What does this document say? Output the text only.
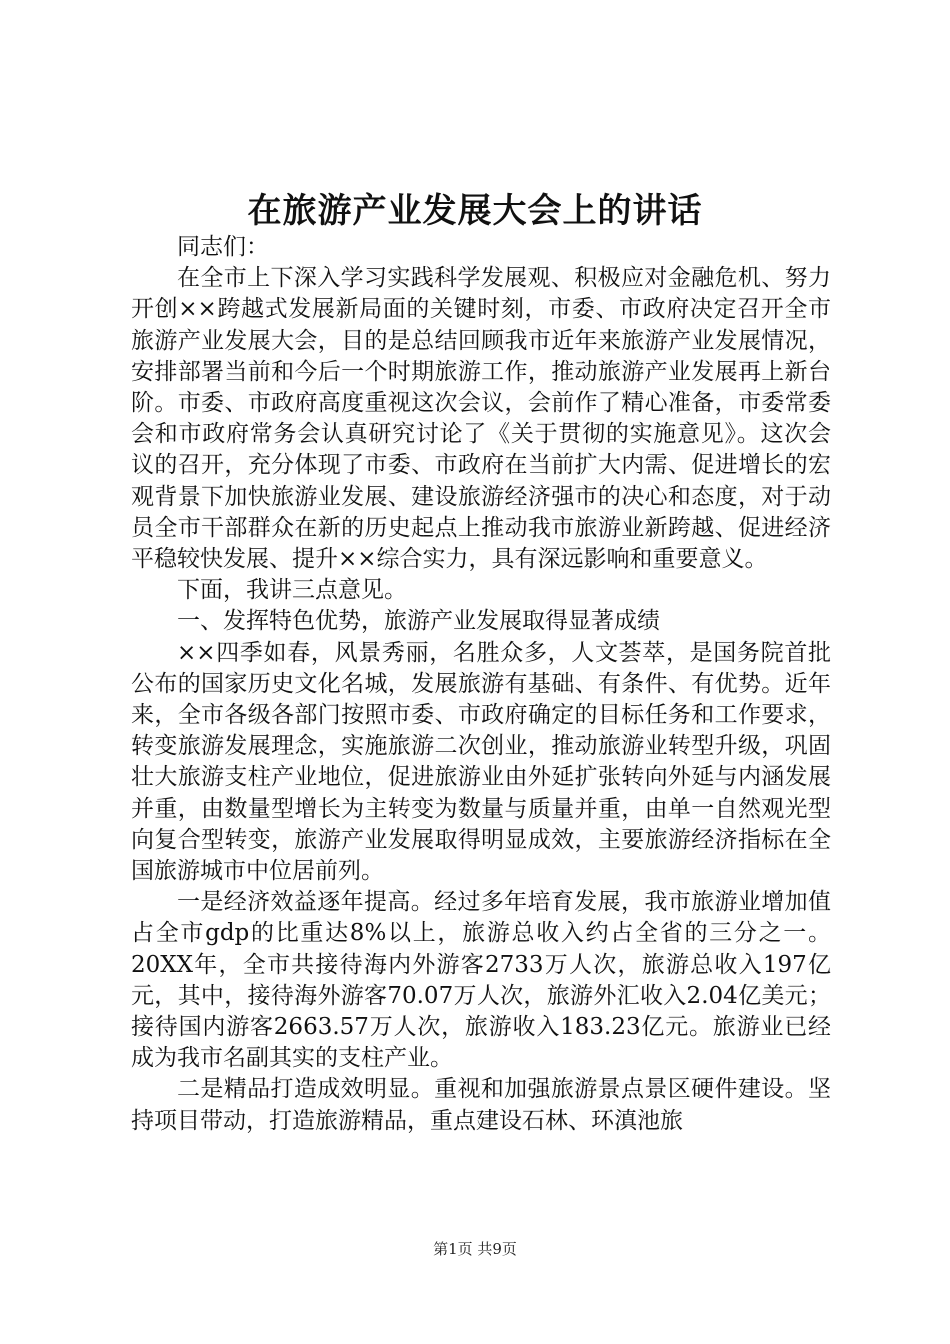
在旅游产业发展大会上的讲话

同志们：

在全市上下深入学习实践科学发展观、积极应对金融危机、努力开创××跨越式发展新局面的关键时刻，市委、市政府决定召开全市旅游产业发展大会，目的是总结回顾我市近年来旅游产业发展情况，安排部署当前和今后一个时期旅游工作，推动旅游产业发展再上新台阶。市委、市政府高度重视这次会议，会前作了精心准备，市委常委会和市政府常务会认真研究讨论了《关于贯彻的实施意见》。这次会议的召开，充分体现了市委、市政府在当前扩大内需、促进增长的宏观背景下加快旅游业发展、建设旅游经济强市的决心和态度，对于动员全市干部群众在新的历史起点上推动我市旅游业新跨越、促进经济平稳较快发展、提升××综合实力，具有深远影响和重要意义。

下面，我讲三点意见。

一、发挥特色优势，旅游产业发展取得显著成绩

××四季如春，风景秀丽，名胜众多，人文荟萃，是国务院首批公布的国家历史文化名城，发展旅游有基础、有条件、有优势。近年来，全市各级各部门按照市委、市政府确定的目标任务和工作要求，转变旅游发展理念，实施旅游二次创业，推动旅游业转型升级，巩固壮大旅游支柱产业地位，促进旅游业由外延扩张转向外延与内涵发展并重，由数量型增长为主转变为数量与质量并重，由单一自然观光型向复合型转变，旅游产业发展取得明显成效，主要旅游经济指标在全国旅游城市中位居前列。

一是经济效益逐年提高。经过多年培育发展，我市旅游业增加值占全市gdp的比重达8%以上，旅游总收入约占全省的三分之一。20XX年，全市共接待海内外游客2733万人次，旅游总收入197亿元，其中，接待海外游客70.07万人次，旅游外汇收入2.04亿美元；接待国内游客2663.57万人次，旅游收入183.23亿元。旅游业已经成为我市名副其实的支柱产业。

二是精品打造成效明显。重视和加强旅游景点景区硬件建设。坚持项目带动，打造旅游精品，重点建设石林、环滇池旅

第1页 共9页
